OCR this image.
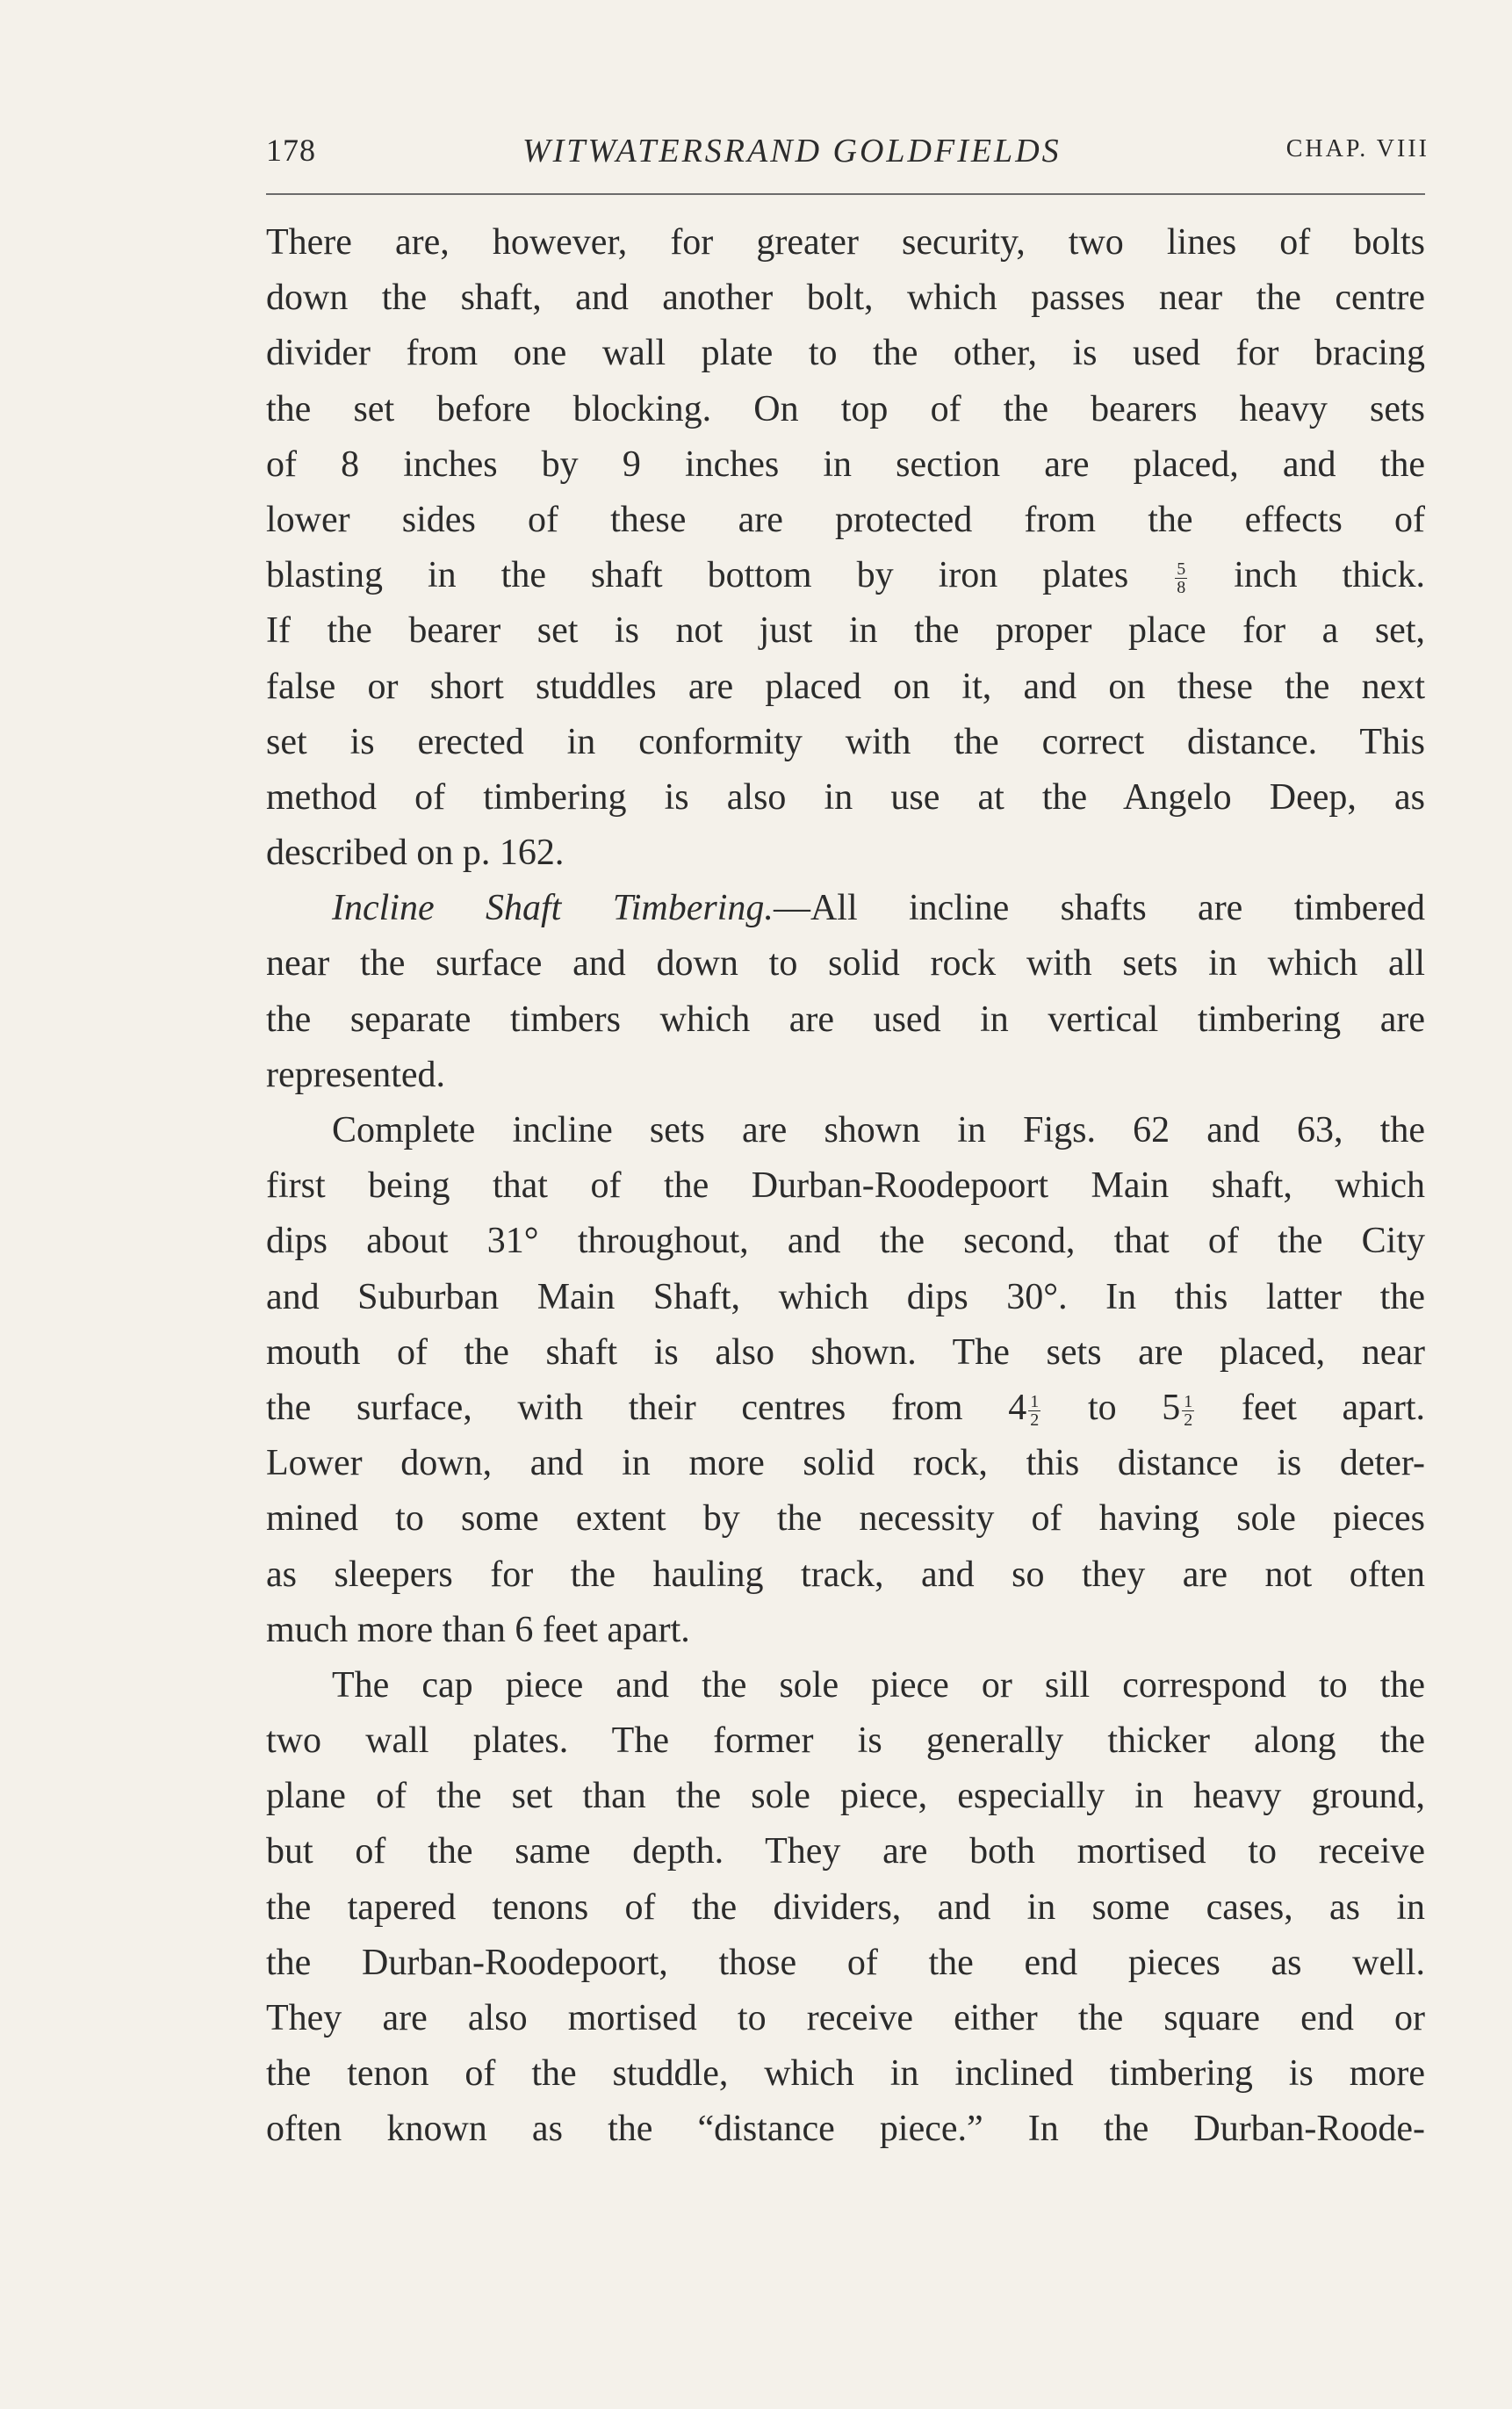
178	WITWATERSRAND GOLDFIELDS	CHAP. VIII
There are, however, for greater security, two lines of bolts
down the shaft, and another bolt, which passes near the centre
divider from one wall plate to the other, is used for bracing
the set before blocking. On top of the bearers heavy sets
of 8 inches by 9 inches in section are placed, and the
lower sides of these are protected from the effects of
blasting in the shaft bottom by iron plates	$\frac{5}{8}$ inch thick.
If the bearer set is not just in the proper place for a set,
false or short studdles are placed on it, and on these the next
set is erected in conformity with the correct distance. This
method of timbering is also in use at the Angelo Deep, as
described on p. 162.
Incline Shaft Timbering.—All incline shafts are timbered
near the surface and down to solid rock with sets in which all
the separate timbers which are used in vertical timbering are
represented.
Complete incline sets are shown in Figs. 62 and 63, the
first being that of the Durban-Roodepoort Main shaft, which
dips about 31° throughout, and the second, that of the City
and Suburban Main Shaft, which dips 30°. In this latter the
mouth of the shaft is also shown. The sets are placed, near
the surface, with their centres from $4 \frac{1}{2}$ to $5 \frac{1}{2}$ feet apart.
Lower down, and in more solid rock, this distance is deter-
mined to some extent by the necessity of having sole pieces
as sleepers for the hauling track, and so they are not often
much more than 6 feet apart.
The cap piece and the sole piece or sill correspond to the
two wall plates. The former is generally thicker along the
plane of the set than the sole piece, especially in heavy ground,
but of the same depth. They are both mortised to receive
the tapered tenons of the dividers, and in some cases, as in
the Durban-Roodepoort, those of the end pieces as well.
They are also mortised to receive either the square end or
the tenon of the studdle, which in inclined timbering is more
often known as the “distance piece.” In the Durban-Roode-
